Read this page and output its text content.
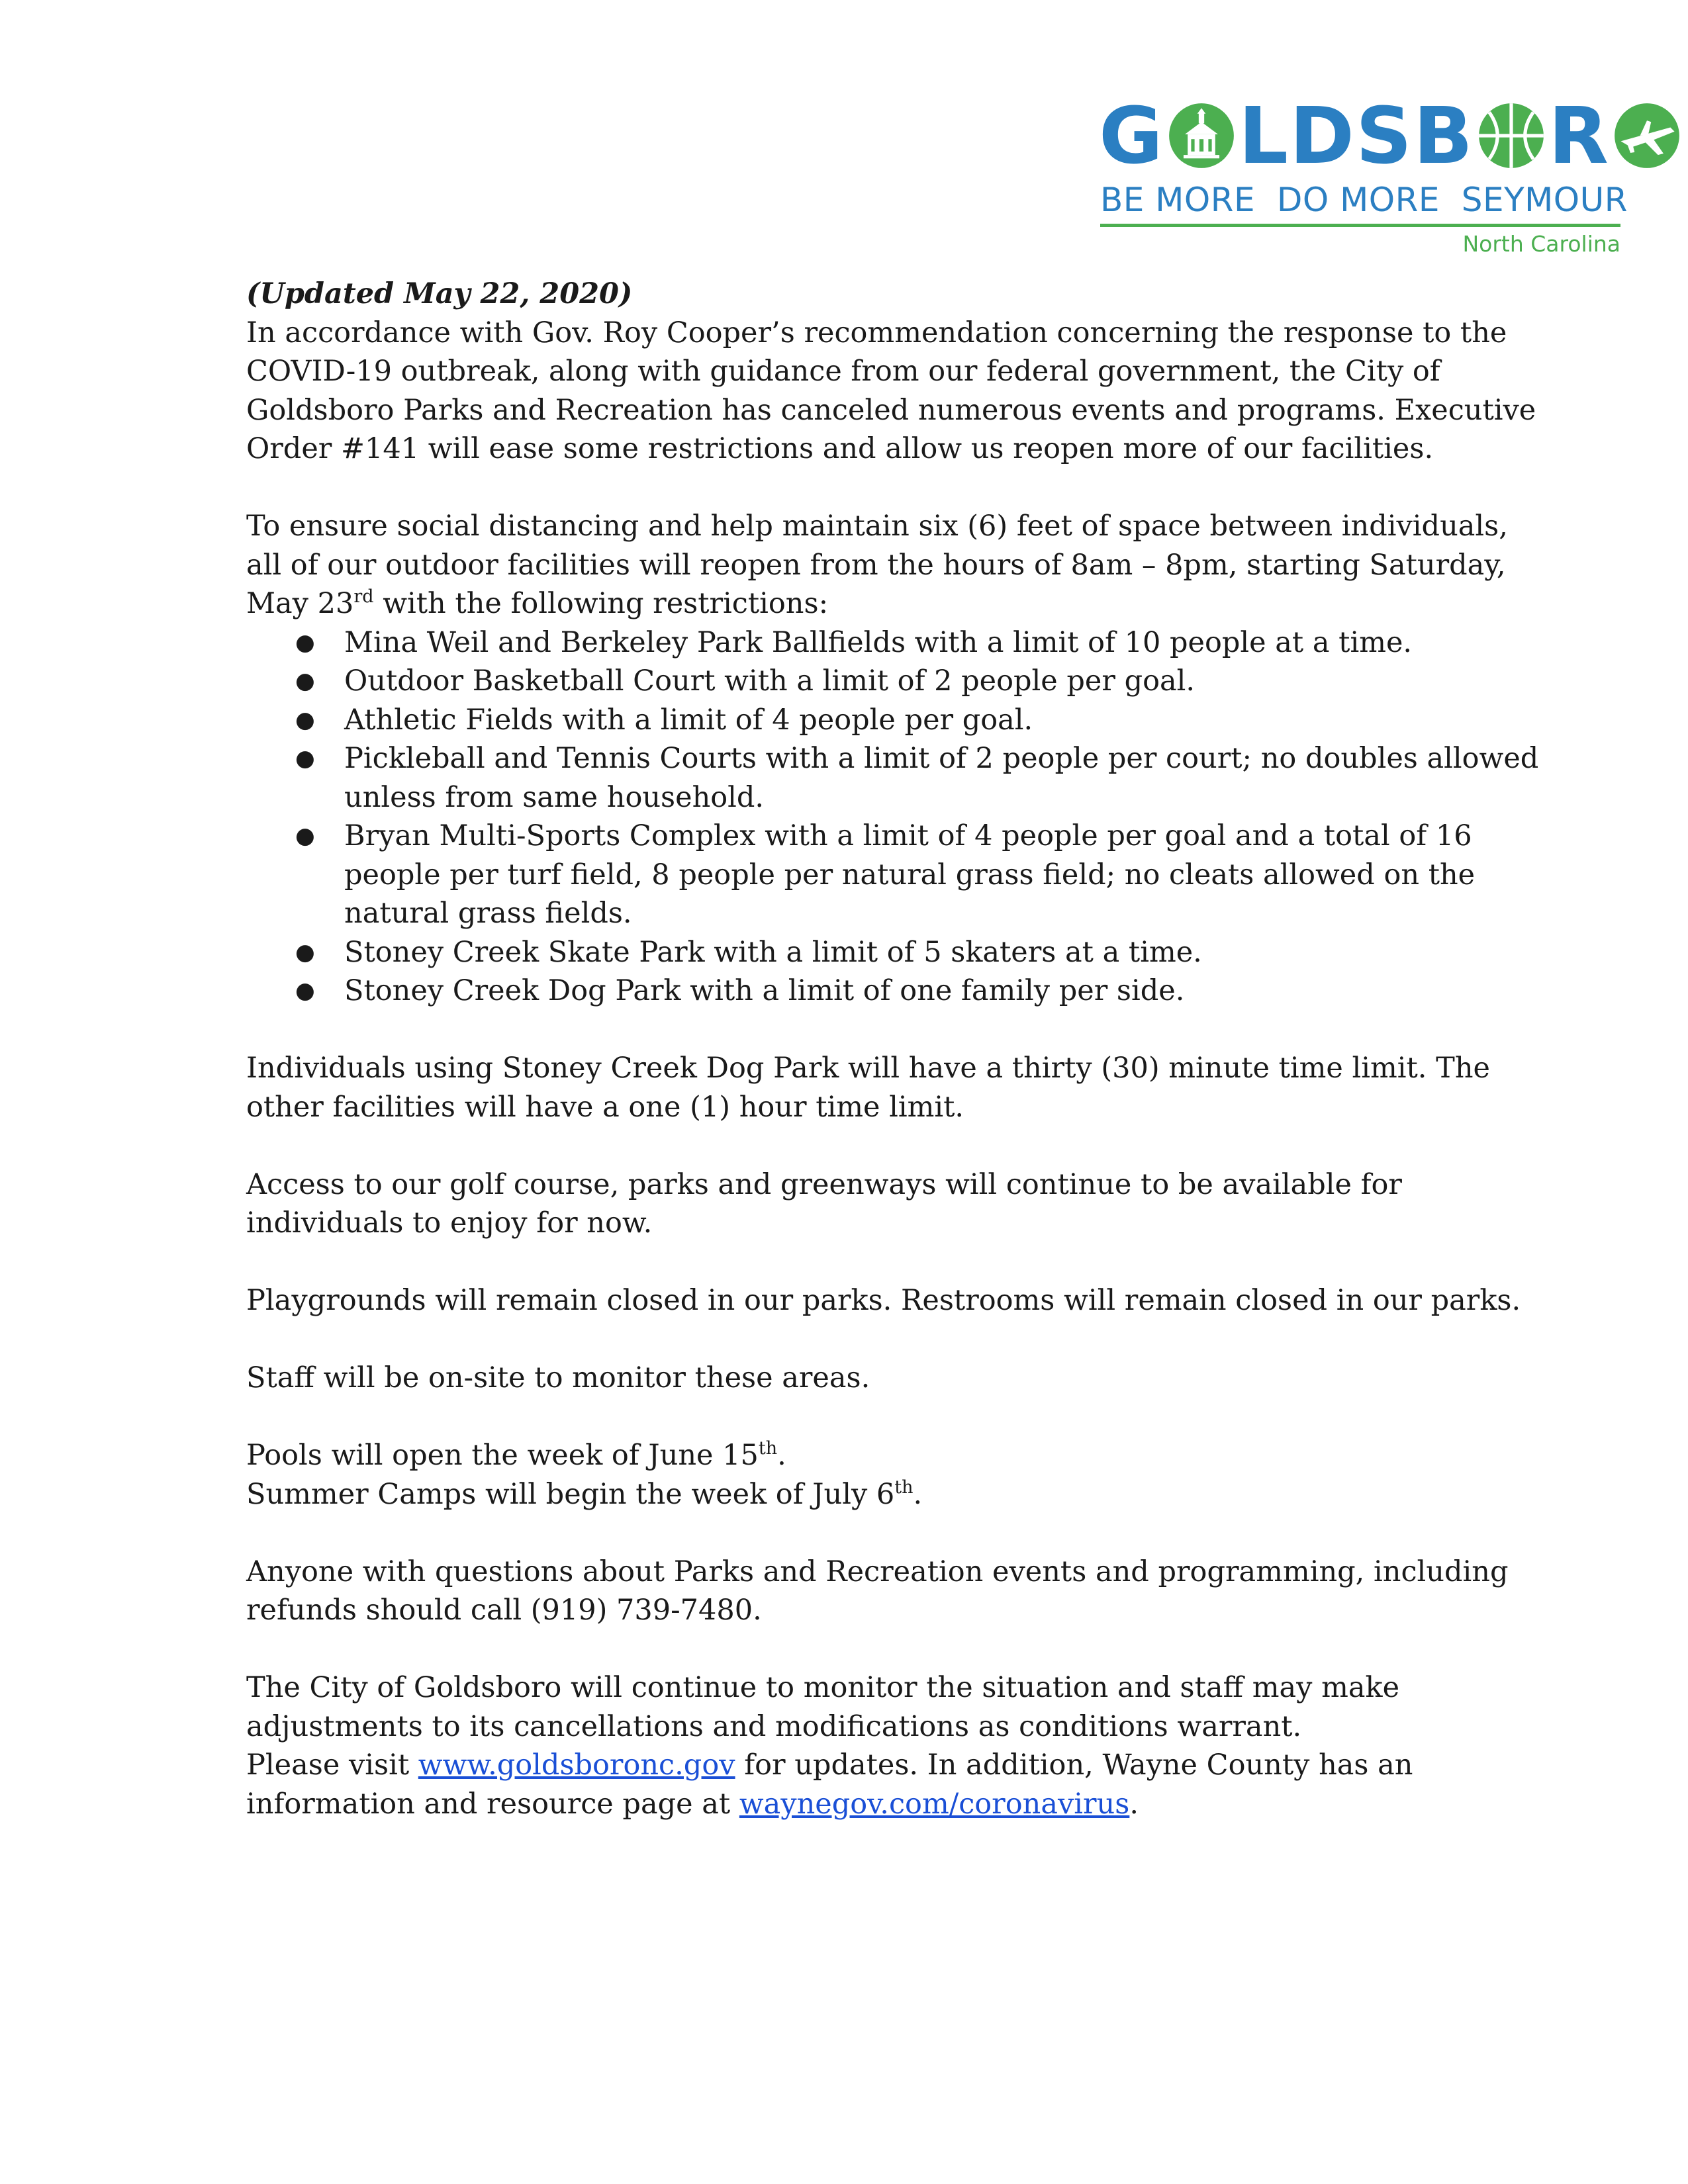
G LDSB R
BE MORE  DO MORE  SEYMOUR
North Carolina

(Updated May 22, 2020)

In accordance with Gov. Roy Cooper’s recommendation concerning the response to the COVID-19 outbreak, along with guidance from our federal government, the City of Goldsboro Parks and Recreation has canceled numerous events and programs. Executive Order #141 will ease some restrictions and allow us reopen more of our facilities.

To ensure social distancing and help maintain six (6) feet of space between individuals, all of our outdoor facilities will reopen from the hours of 8am – 8pm, starting Saturday, May 23rd with the following restrictions:

● Mina Weil and Berkeley Park Ballfields with a limit of 10 people at a time.
● Outdoor Basketball Court with a limit of 2 people per goal.
● Athletic Fields with a limit of 4 people per goal.
● Pickleball and Tennis Courts with a limit of 2 people per court; no doubles allowed unless from same household.
● Bryan Multi-Sports Complex with a limit of 4 people per goal and a total of 16 people per turf field, 8 people per natural grass field; no cleats allowed on the natural grass fields.
● Stoney Creek Skate Park with a limit of 5 skaters at a time.
● Stoney Creek Dog Park with a limit of one family per side.

Individuals using Stoney Creek Dog Park will have a thirty (30) minute time limit. The other facilities will have a one (1) hour time limit.

Access to our golf course, parks and greenways will continue to be available for individuals to enjoy for now.

Playgrounds will remain closed in our parks. Restrooms will remain closed in our parks.

Staff will be on-site to monitor these areas.

Pools will open the week of June 15th.

Summer Camps will begin the week of July 6th.

Anyone with questions about Parks and Recreation events and programming, including refunds should call (919) 739-7480.

The City of Goldsboro will continue to monitor the situation and staff may make adjustments to its cancellations and modifications as conditions warrant.

Please visit www.goldsboronc.gov for updates. In addition, Wayne County has an information and resource page at waynegov.com/coronavirus.
